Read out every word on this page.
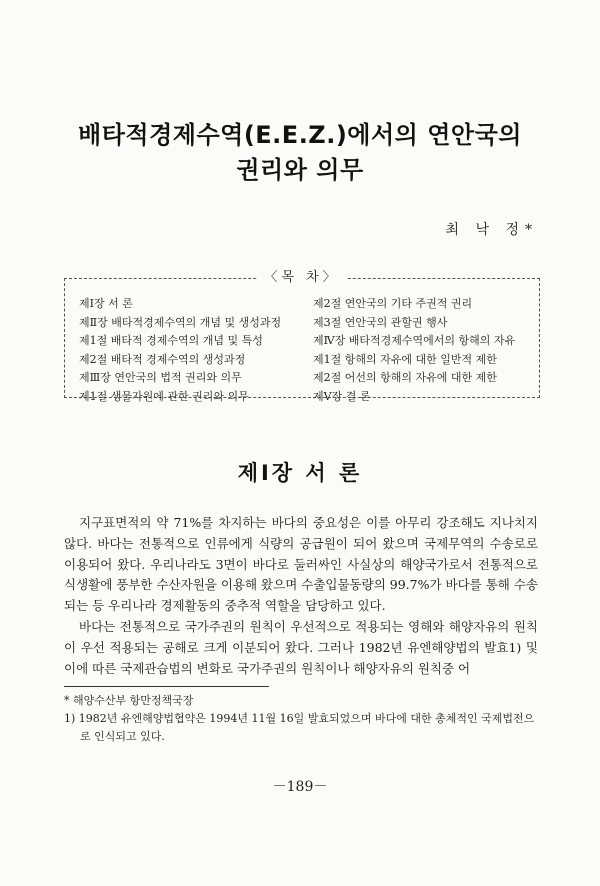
배타적경제수역(E.E.Z.)에서의 연안국의
권리와 의무
최 낙 정*
〈목 차〉
제Ⅰ장 서 론
제Ⅱ장 배타적경제수역의 개념 및 생성과정
제1절 배타적 경제수역의 개념 및 특성
제2절 배타적 경제수역의 생성과정
제Ⅲ장 연안국의 법적 권리와 의무
제1절 생물자원에 관한 권리와 의무
제2절 연안국의 기타 주권적 권리
제3절 연안국의 관할권 행사
제Ⅳ장 배타적경제수역에서의 항해의 자유
제1절 항해의 자유에 대한 일반적 제한
제2절 어선의 항해의 자유에 대한 제한
제Ⅴ장 결 론
제Ⅰ장 서 론

지구표면적의 약 71%를 차지하는 바다의 중요성은 이를 아무리 강조해도 지나치지 않다. 바다는 전통적으로 인류에게 식량의 공급원이 되어 왔으며 국제무역의 수송로로 이용되어 왔다. 우리나라도 3면이 바다로 둘러싸인 사실상의 해양국가로서 전통적으로 식생활에 풍부한 수산자원을 이용해 왔으며 수출입물동량의 99.7%가 바다를 통해 수송되는 등 우리나라 경제활동의 중추적 역할을 담당하고 있다.

바다는 전통적으로 국가주권의 원칙이 우선적으로 적용되는 영해와 해양자유의 원칙이 우선 적용되는 공해로 크게 이분되어 왔다. 그러나 1982년 유엔해양법의 발효1) 및 이에 따른 국제관습법의 변화로 국가주권의 원칙이나 해양자유의 원칙중 어

* 해양수산부 항만정책국장

1) 1982년 유엔해양법협약은 1994년 11월 16일 발효되었으며 바다에 대한 총체적인 국제법전으로 인식되고 있다.

－189－
